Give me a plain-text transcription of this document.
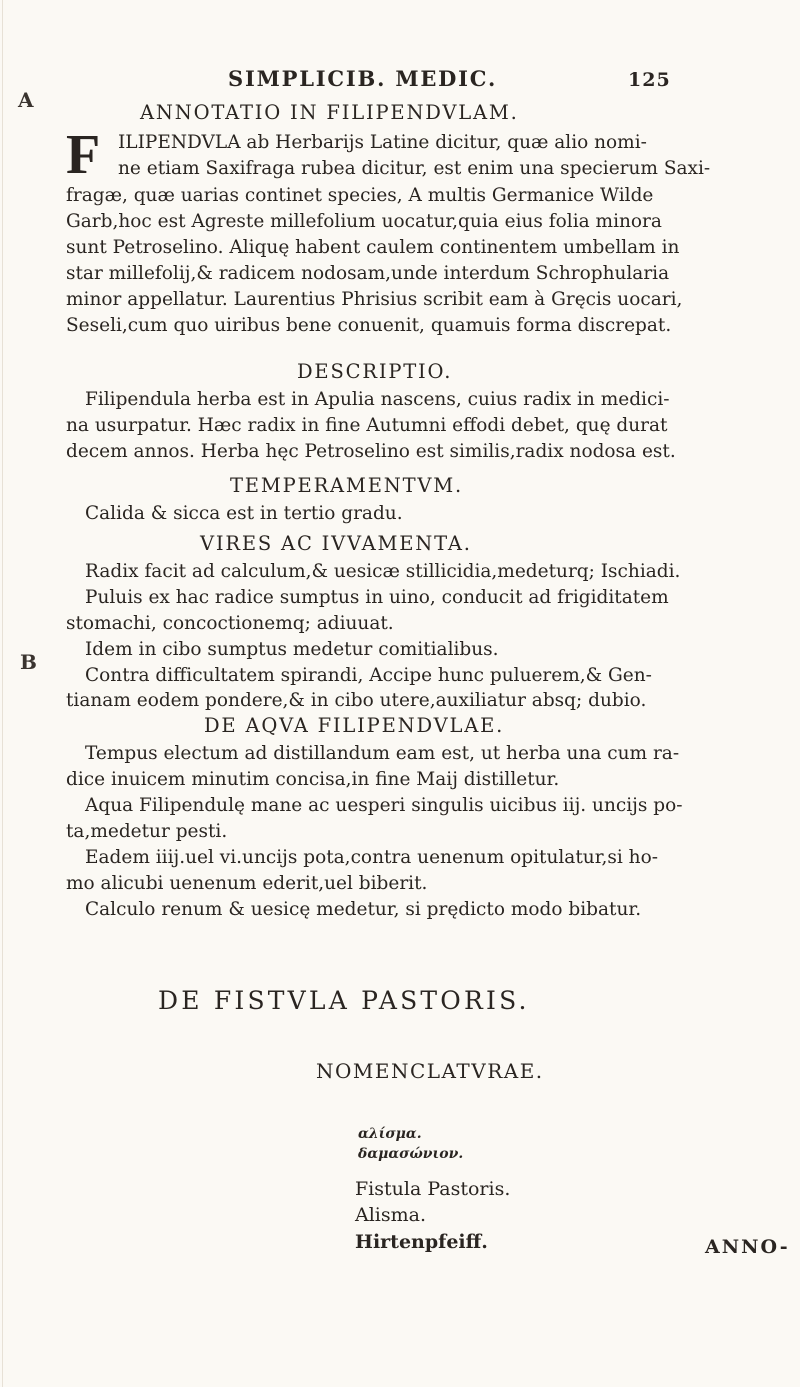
A
B
SIMPLICIB. MEDIC.	125
ANNOTATIO IN FILIPENDVLAM.
F ILIPENDVLA ab Herbarijs Latine dicitur, quæ alio nomi-
ne etiam Saxifraga rubea dicitur, est enim una specierum Saxi-
fragæ, quæ uarias continet species, A multis Germanice Wilde
Garb,hoc est Agreste millefolium uocatur,quia eius folia minora
sunt Petroselino. Aliquę habent caulem continentem umbellam in
star millefolij,& radicem nodosam,unde interdum Schrophularia
minor appellatur. Laurentius Phrisius scribit eam à Gręcis uocari,
Seseli,cum quo uiribus bene conuenit, quamuis forma discrepat.
DESCRIPTIO.
Filipendula herba est in Apulia nascens, cuius radix in medici-
na usurpatur. Hæc radix in fine Autumni effodi debet, quę durat
decem annos. Herba hęc Petroselino est similis,radix nodosa est.
TEMPERAMENTVM.
Calida & sicca est in tertio gradu.
VIRES AC IVVAMENTA.
Radix facit ad calculum,& uesicæ stillicidia,medeturq; Ischiadi.
Puluis ex hac radice sumptus in uino, conducit ad frigiditatem
stomachi, concoctionemq; adiuuat.
Idem in cibo sumptus medetur comitialibus.
Contra difficultatem spirandi, Accipe hunc puluerem,& Gen-
tianam eodem pondere,& in cibo utere,auxiliatur absq; dubio.
DE AQVA FILIPENDVLAE.
Tempus electum ad distillandum eam est, ut herba una cum ra-
dice inuicem minutim concisa,in fine Maij distilletur.
Aqua Filipendulę mane ac uesperi singulis uicibus iij. uncijs po-
ta,medetur pesti.
Eadem iiij.uel vi.uncijs pota,contra uenenum opitulatur,si ho-
mo alicubi uenenum ederit,uel biberit.
Calculo renum & uesicę medetur, si prędicto modo bibatur.
DE FISTVLA PASTORIS.
NOMENCLATVRAE.
αλίσμα.
δαμασώνιον.
Fistula Pastoris.
Alisma.
Hirtenpfeiff.	ANNO-
